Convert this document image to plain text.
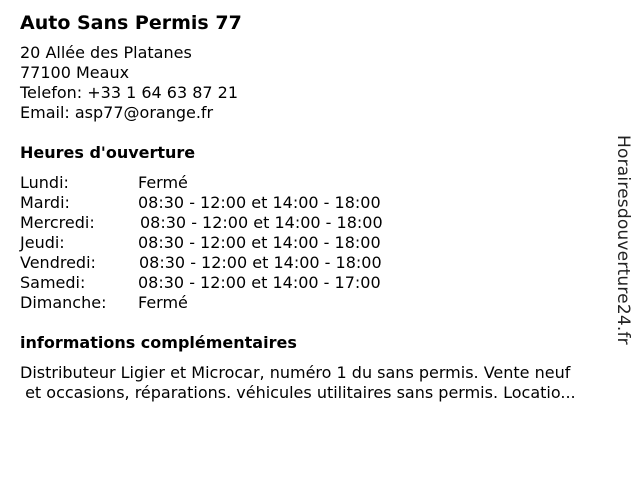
Auto Sans Permis 77
20 Allée des Platanes
77100 Meaux
Telefon: +33 1 64 63 87 21
Email: asp77@orange.fr
Heures d'ouverture
Lundi:	Fermé
Mardi:	08:30 - 12:00 et 14:00 - 18:00
Mercredi:	08:30 - 12:00 et 14:00 - 18:00
Jeudi:	08:30 - 12:00 et 14:00 - 18:00
Vendredi:	08:30 - 12:00 et 14:00 - 18:00
Samedi:	08:30 - 12:00 et 14:00 - 17:00
Dimanche: Fermé
informations complémentaires
Distributeur Ligier et Microcar, numéro 1 du sans permis. Vente neuf
et occasions, réparations. véhicules utilitaires sans permis. Locatio...
Horairesdouverture24.fr
